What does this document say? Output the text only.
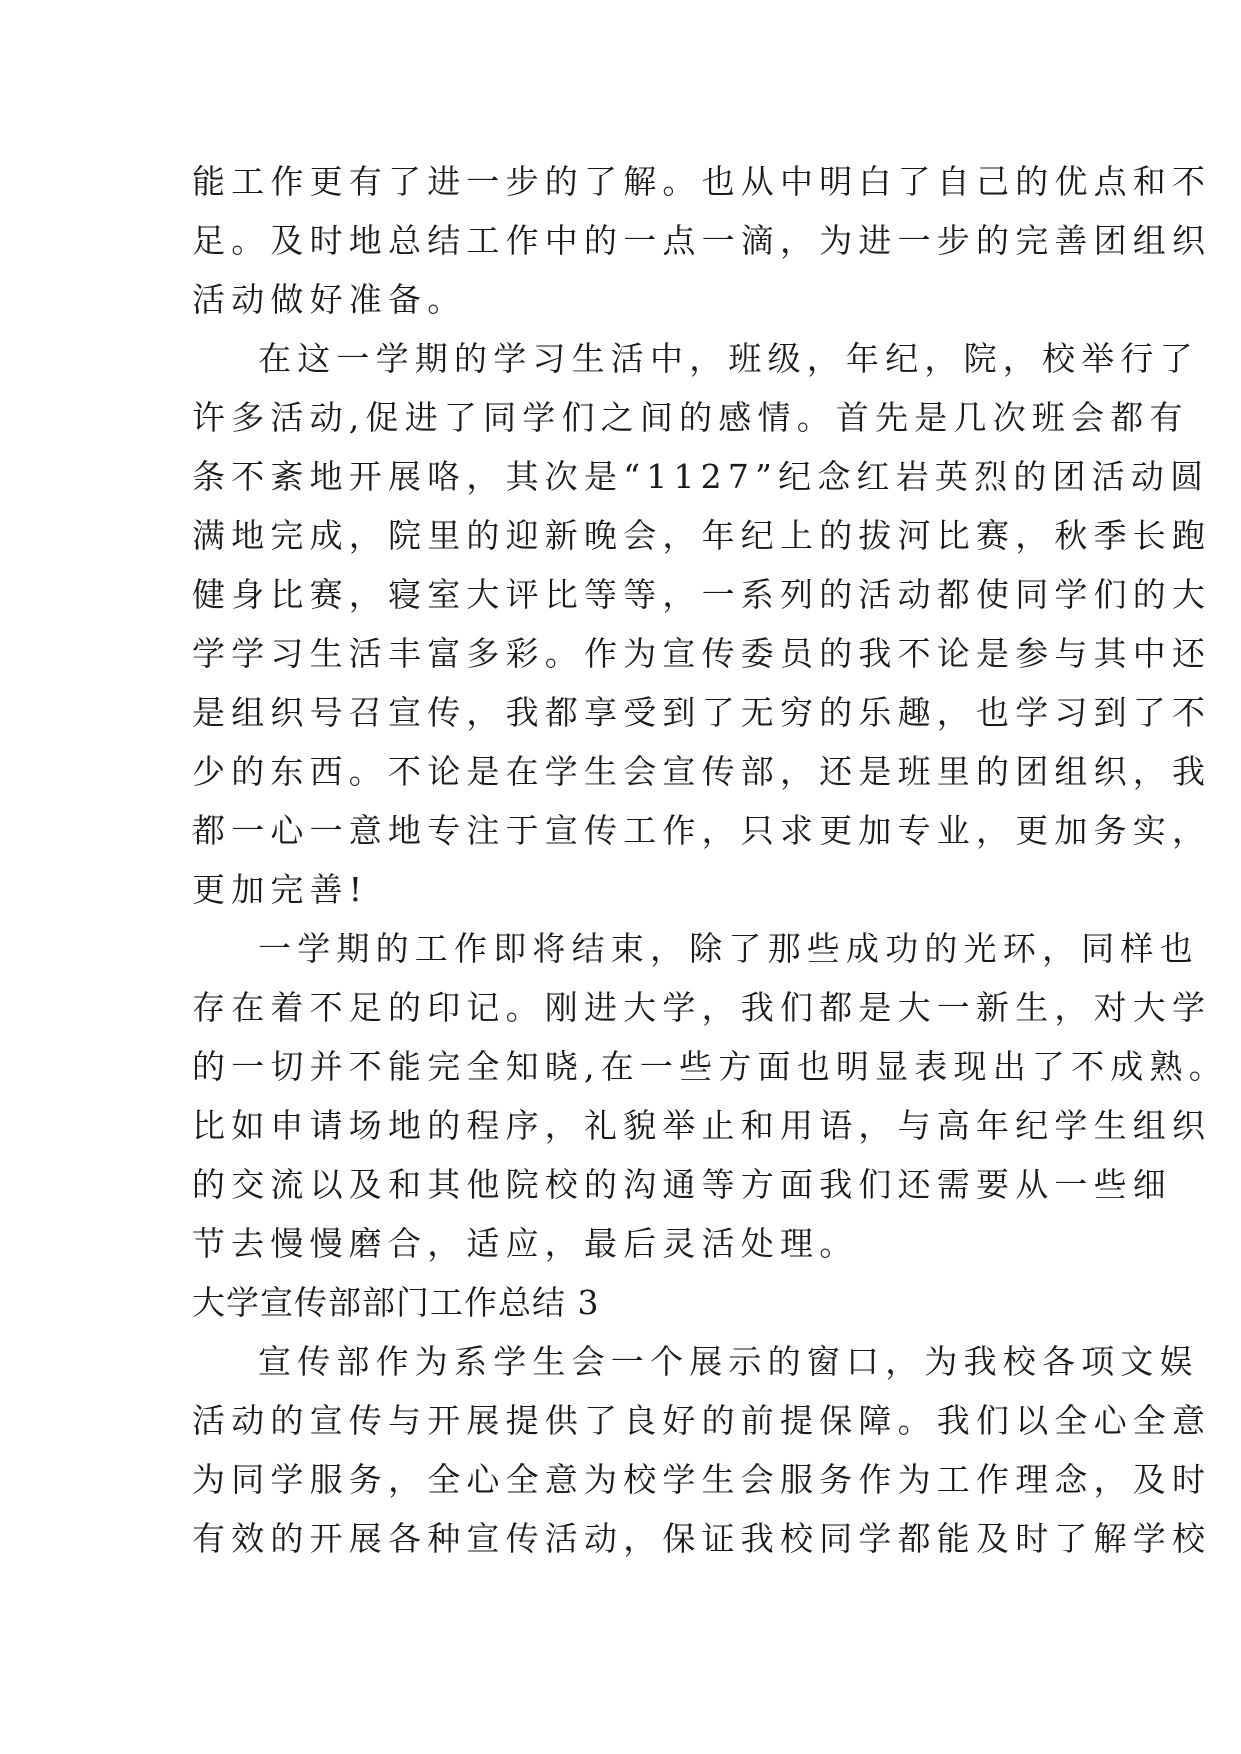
能工作更有了进一步的了解。也从中明白了自己的优点和不
足。及时地总结工作中的一点一滴，为进一步的完善团组织
活动做好准备。
在这一学期的学习生活中，班级，年纪，院，校举行了
许多活动,促进了同学们之间的感情。首先是几次班会都有
条不紊地开展咯，其次是“1127”纪念红岩英烈的团活动圆
满地完成，院里的迎新晚会，年纪上的拔河比赛，秋季长跑
健身比赛，寝室大评比等等，一系列的活动都使同学们的大
学学习生活丰富多彩。作为宣传委员的我不论是参与其中还
是组织号召宣传，我都享受到了无穷的乐趣，也学习到了不
少的东西。不论是在学生会宣传部，还是班里的团组织，我
都一心一意地专注于宣传工作，只求更加专业，更加务实，
更加完善!
一学期的工作即将结束，除了那些成功的光环，同样也
存在着不足的印记。刚进大学，我们都是大一新生，对大学
的一切并不能完全知晓,在一些方面也明显表现出了不成熟。
比如申请场地的程序，礼貌举止和用语，与高年纪学生组织
的交流以及和其他院校的沟通等方面我们还需要从一些细
节去慢慢磨合，适应，最后灵活处理。
大学宣传部部门工作总结 3
宣传部作为系学生会一个展示的窗口，为我校各项文娱
活动的宣传与开展提供了良好的前提保障。我们以全心全意
为同学服务，全心全意为校学生会服务作为工作理念，及时
有效的开展各种宣传活动，保证我校同学都能及时了解学校
